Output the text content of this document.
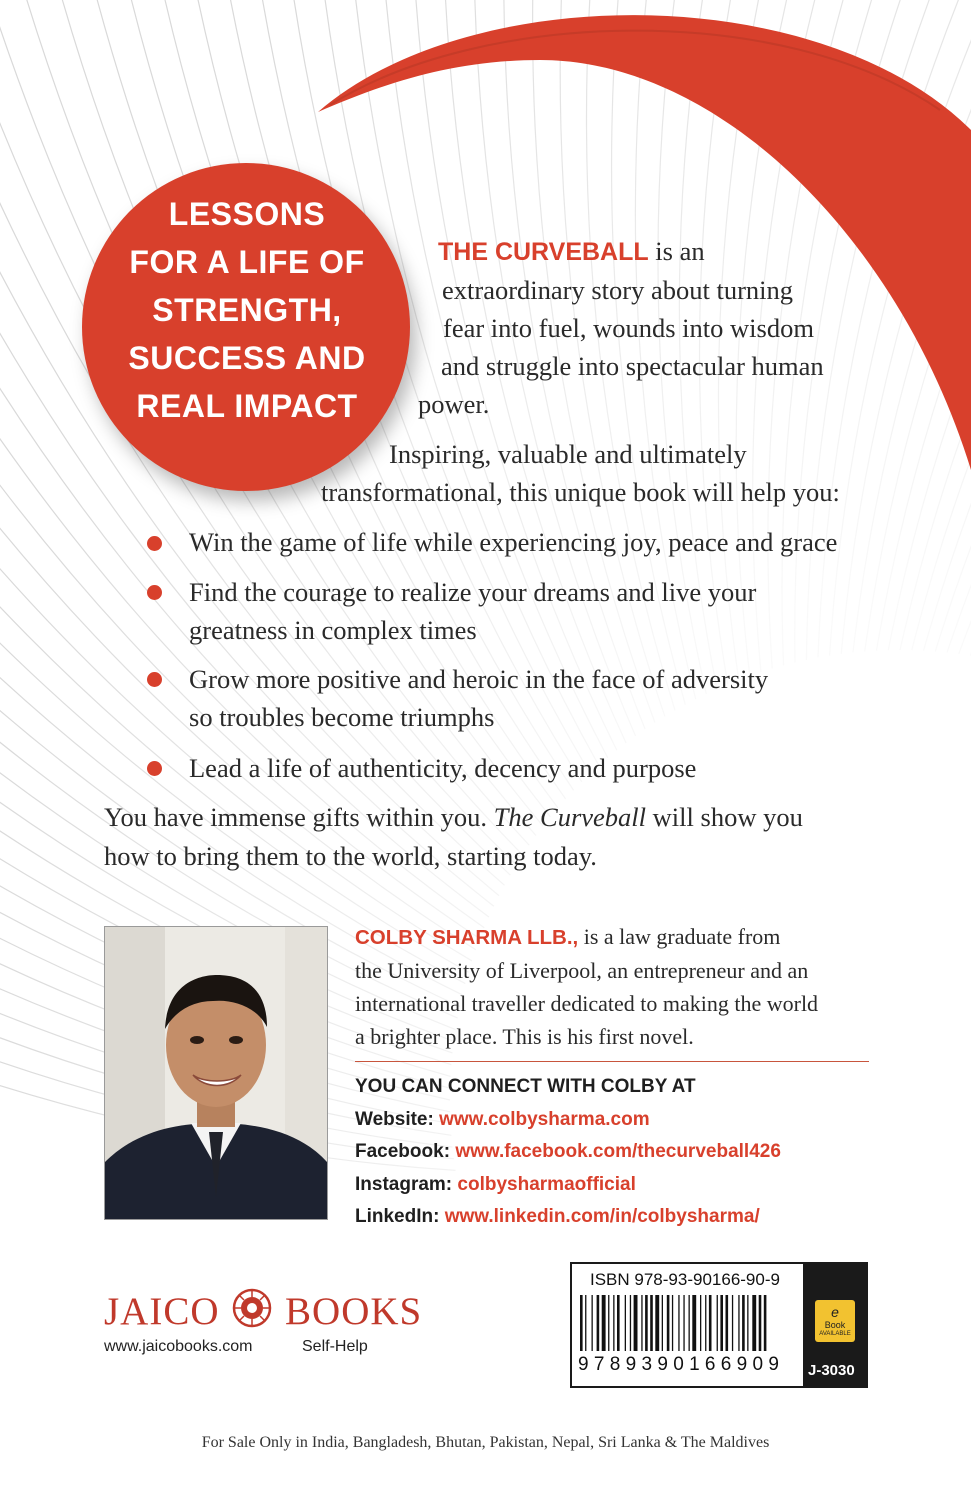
LESSONS
FOR A LIFE OF
STRENGTH,
SUCCESS AND
REAL IMPACT
THE CURVEBALL is an
extraordinary story about turning
fear into fuel, wounds into wisdom
and struggle into spectacular human
power.
Inspiring, valuable and ultimately
transformational, this unique book will help you:
Win the game of life while experiencing joy, peace and grace
Find the courage to realize your dreams and live your
greatness in complex times
Grow more positive and heroic in the face of adversity
so troubles become triumphs
Lead a life of authenticity, decency and purpose
You have immense gifts within you. The Curveball will show you
how to bring them to the world, starting today.
COLBY SHARMA LLB., is a law graduate from
the University of Liverpool, an entrepreneur and an
international traveller dedicated to making the world
a brighter place. This is his first novel.
YOU CAN CONNECT WITH COLBY AT
Website: www.colbysharma.com
Facebook: www.facebook.com/thecurveball426
Instagram: colbysharmaofficial
LinkedIn: www.linkedin.com/in/colbysharma/
JAICO BOOKS
www.jaicobooks.com	Self-Help
ISBN 978-93-90166-90-9
9789390166909
e
Book
AVAILABLE
J-3030
For Sale Only in India, Bangladesh, Bhutan, Pakistan, Nepal, Sri Lanka & The Maldives
